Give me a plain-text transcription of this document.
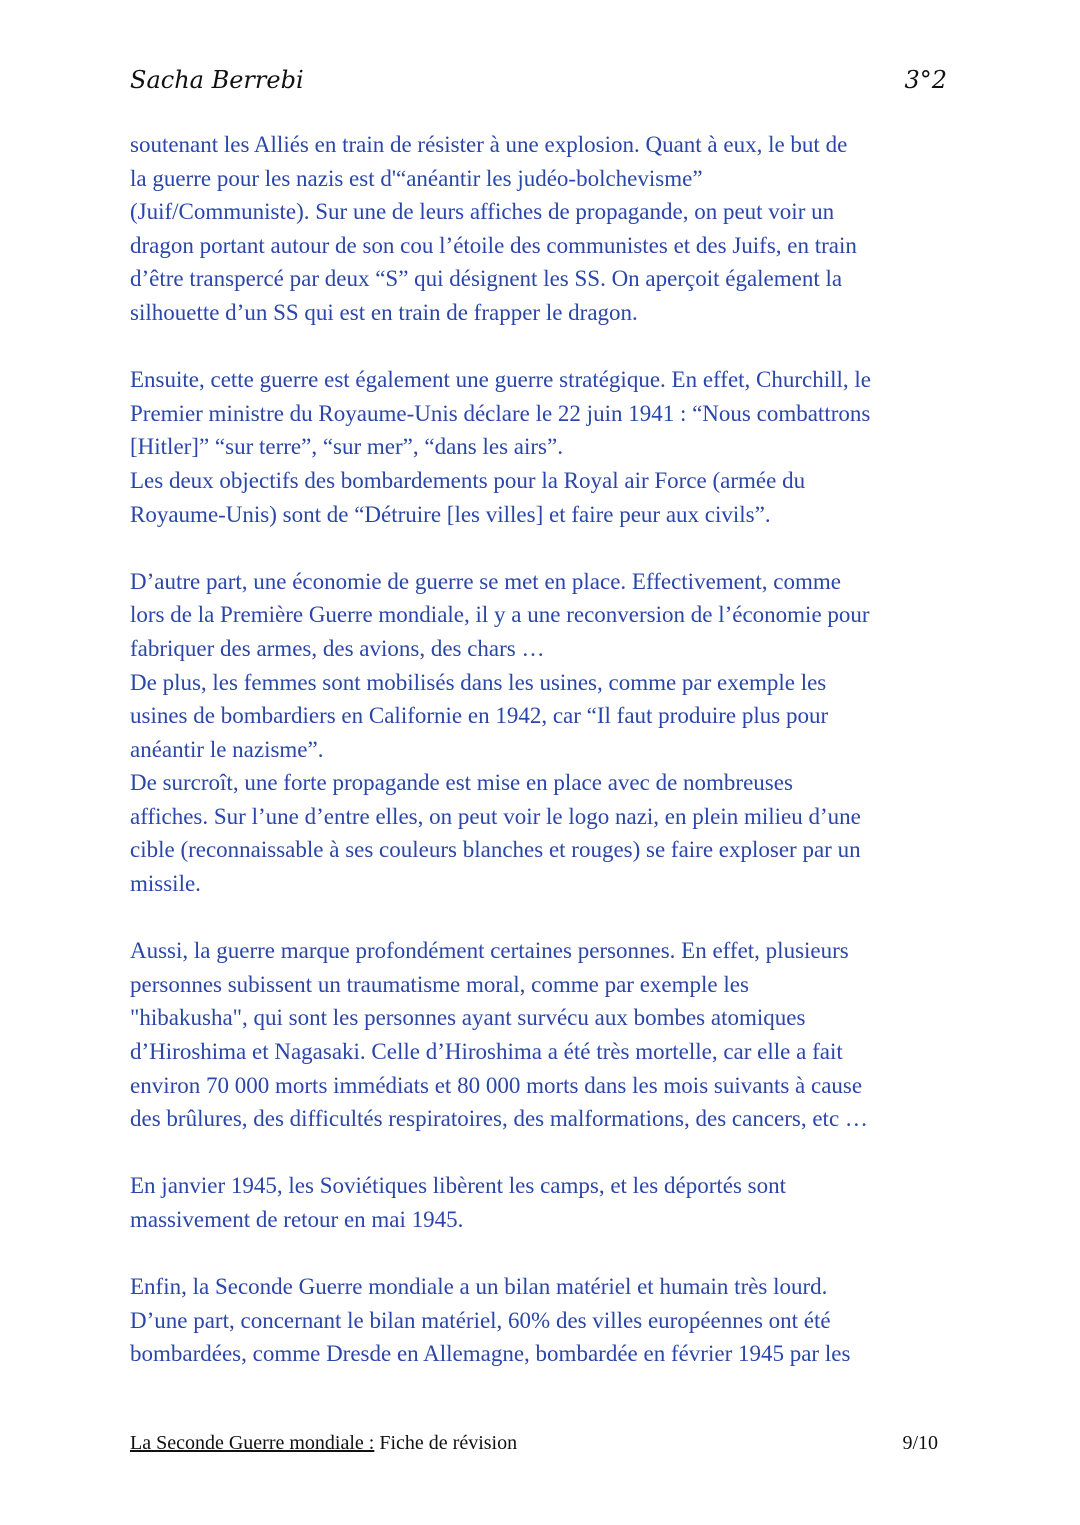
Sacha Berrebi	3°2
soutenant les Alliés en train de résister à une explosion. Quant à eux, le but de
la guerre pour les nazis est d'“anéantir les judéo-bolchevisme”
(Juif/Communiste). Sur une de leurs affiches de propagande, on peut voir un
dragon portant autour de son cou l’étoile des communistes et des Juifs, en train
d’être transpercé par deux “S” qui désignent les SS. On aperçoit également la
silhouette d’un SS qui est en train de frapper le dragon.
Ensuite, cette guerre est également une guerre stratégique. En effet, Churchill, le
Premier ministre du Royaume-Unis déclare le 22 juin 1941 : “Nous combattrons
[Hitler]” “sur terre”, “sur mer”, “dans les airs”.
Les deux objectifs des bombardements pour la Royal air Force (armée du
Royaume-Unis) sont de “Détruire [les villes] et faire peur aux civils”.
D’autre part, une économie de guerre se met en place. Effectivement, comme
lors de la Première Guerre mondiale, il y a une reconversion de l’économie pour
fabriquer des armes, des avions, des chars …
De plus, les femmes sont mobilisés dans les usines, comme par exemple les
usines de bombardiers en Californie en 1942, car “Il faut produire plus pour
anéantir le nazisme”.
De surcroît, une forte propagande est mise en place avec de nombreuses
affiches. Sur l’une d’entre elles, on peut voir le logo nazi, en plein milieu d’une
cible (reconnaissable à ses couleurs blanches et rouges) se faire exploser par un
missile.
Aussi, la guerre marque profondément certaines personnes. En effet, plusieurs
personnes subissent un traumatisme moral, comme par exemple les
"hibakusha", qui sont les personnes ayant survécu aux bombes atomiques
d’Hiroshima et Nagasaki. Celle d’Hiroshima a été très mortelle, car elle a fait
environ 70 000 morts immédiats et 80 000 morts dans les mois suivants à cause
des brûlures, des difficultés respiratoires, des malformations, des cancers, etc …
En janvier 1945, les Soviétiques libèrent les camps, et les déportés sont
massivement de retour en mai 1945.
Enfin, la Seconde Guerre mondiale a un bilan matériel et humain très lourd.
D’une part, concernant le bilan matériel, 60% des villes européennes ont été
bombardées, comme Dresde en Allemagne, bombardée en février 1945 par les
La Seconde Guerre mondiale : Fiche de révision	9/10
